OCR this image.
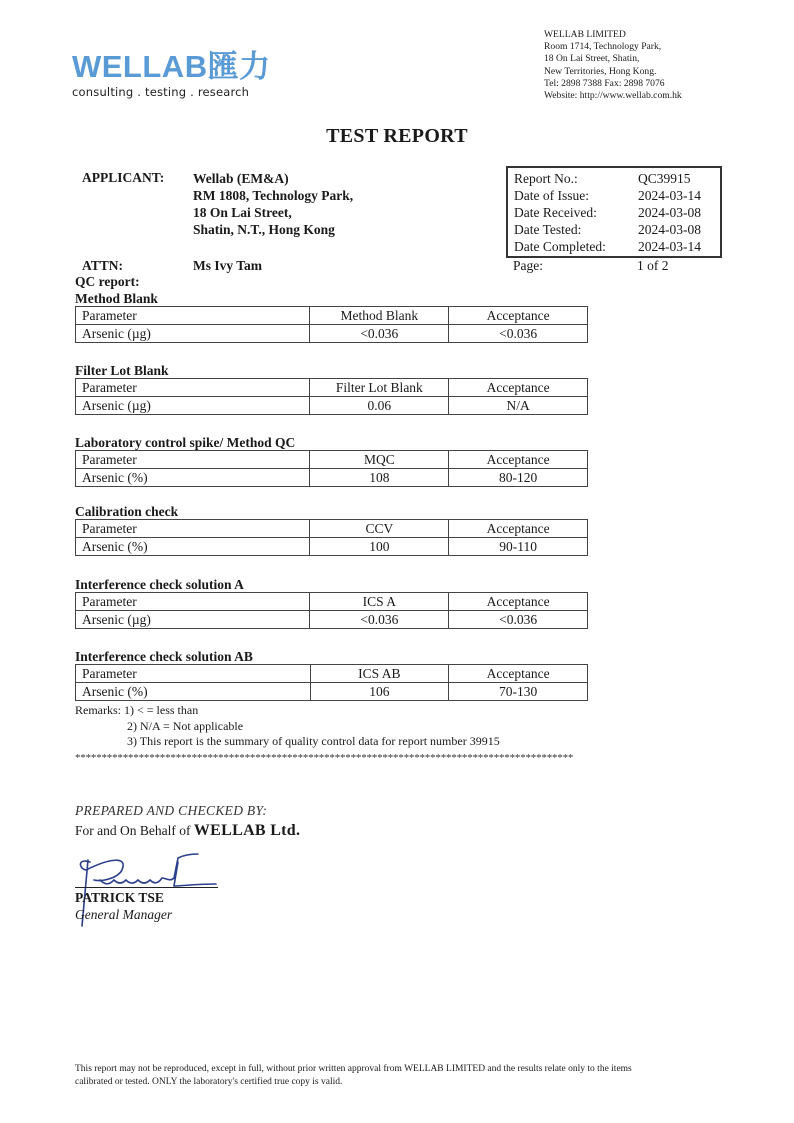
WELLAB匯力
consulting . testing . research
WELLAB LIMITED
Room 1714, Technology Park,
18 On Lai Street, Shatin,
New Territories, Hong Kong.
Tel: 2898 7388 Fax: 2898 7076
Website: http://www.wellab.com.hk
TEST REPORT
APPLICANT: Wellab (EM&A)
RM 1808, Technology Park,
18 On Lai Street,
Shatin, N.T., Hong Kong
ATTN:	Ms Ivy Tam
QC report:
Report No.:	QC39915
Date of Issue:	2024-03-14
Date Received:	2024-03-08
Date Tested:	2024-03-08
Date Completed:	2024-03-14
Page:	1 of 2
Method Blank
Parameter	Method Blank	Acceptance
Arsenic (µg)	<0.036	<0.036
Filter Lot Blank
Parameter	Filter Lot Blank	Acceptance
Arsenic (µg)	0.06	N/A
Laboratory control spike/ Method QC
Parameter	MQC	Acceptance
Arsenic (%)	108	80-120
Calibration check
Parameter	CCV	Acceptance
Arsenic (%)	100	90-110
Interference check solution A
Parameter	ICS A	Acceptance
Arsenic (µg)	<0.036	<0.036
Interference check solution AB
Parameter	ICS AB	Acceptance
Arsenic (%)	106	70-130
Remarks: 1) < = less than
2) N/A = Not applicable
3) This report is the summary of quality control data for report number 39915
**********************************************************************************************
PREPARED AND CHECKED BY:
For and On Behalf of WELLAB Ltd.
PATRICK TSE
General Manager
This report may not be reproduced, except in full, without prior written approval from WELLAB LIMITED and the results relate only to the items
calibrated or tested. ONLY the laboratory's certified true copy is valid.
